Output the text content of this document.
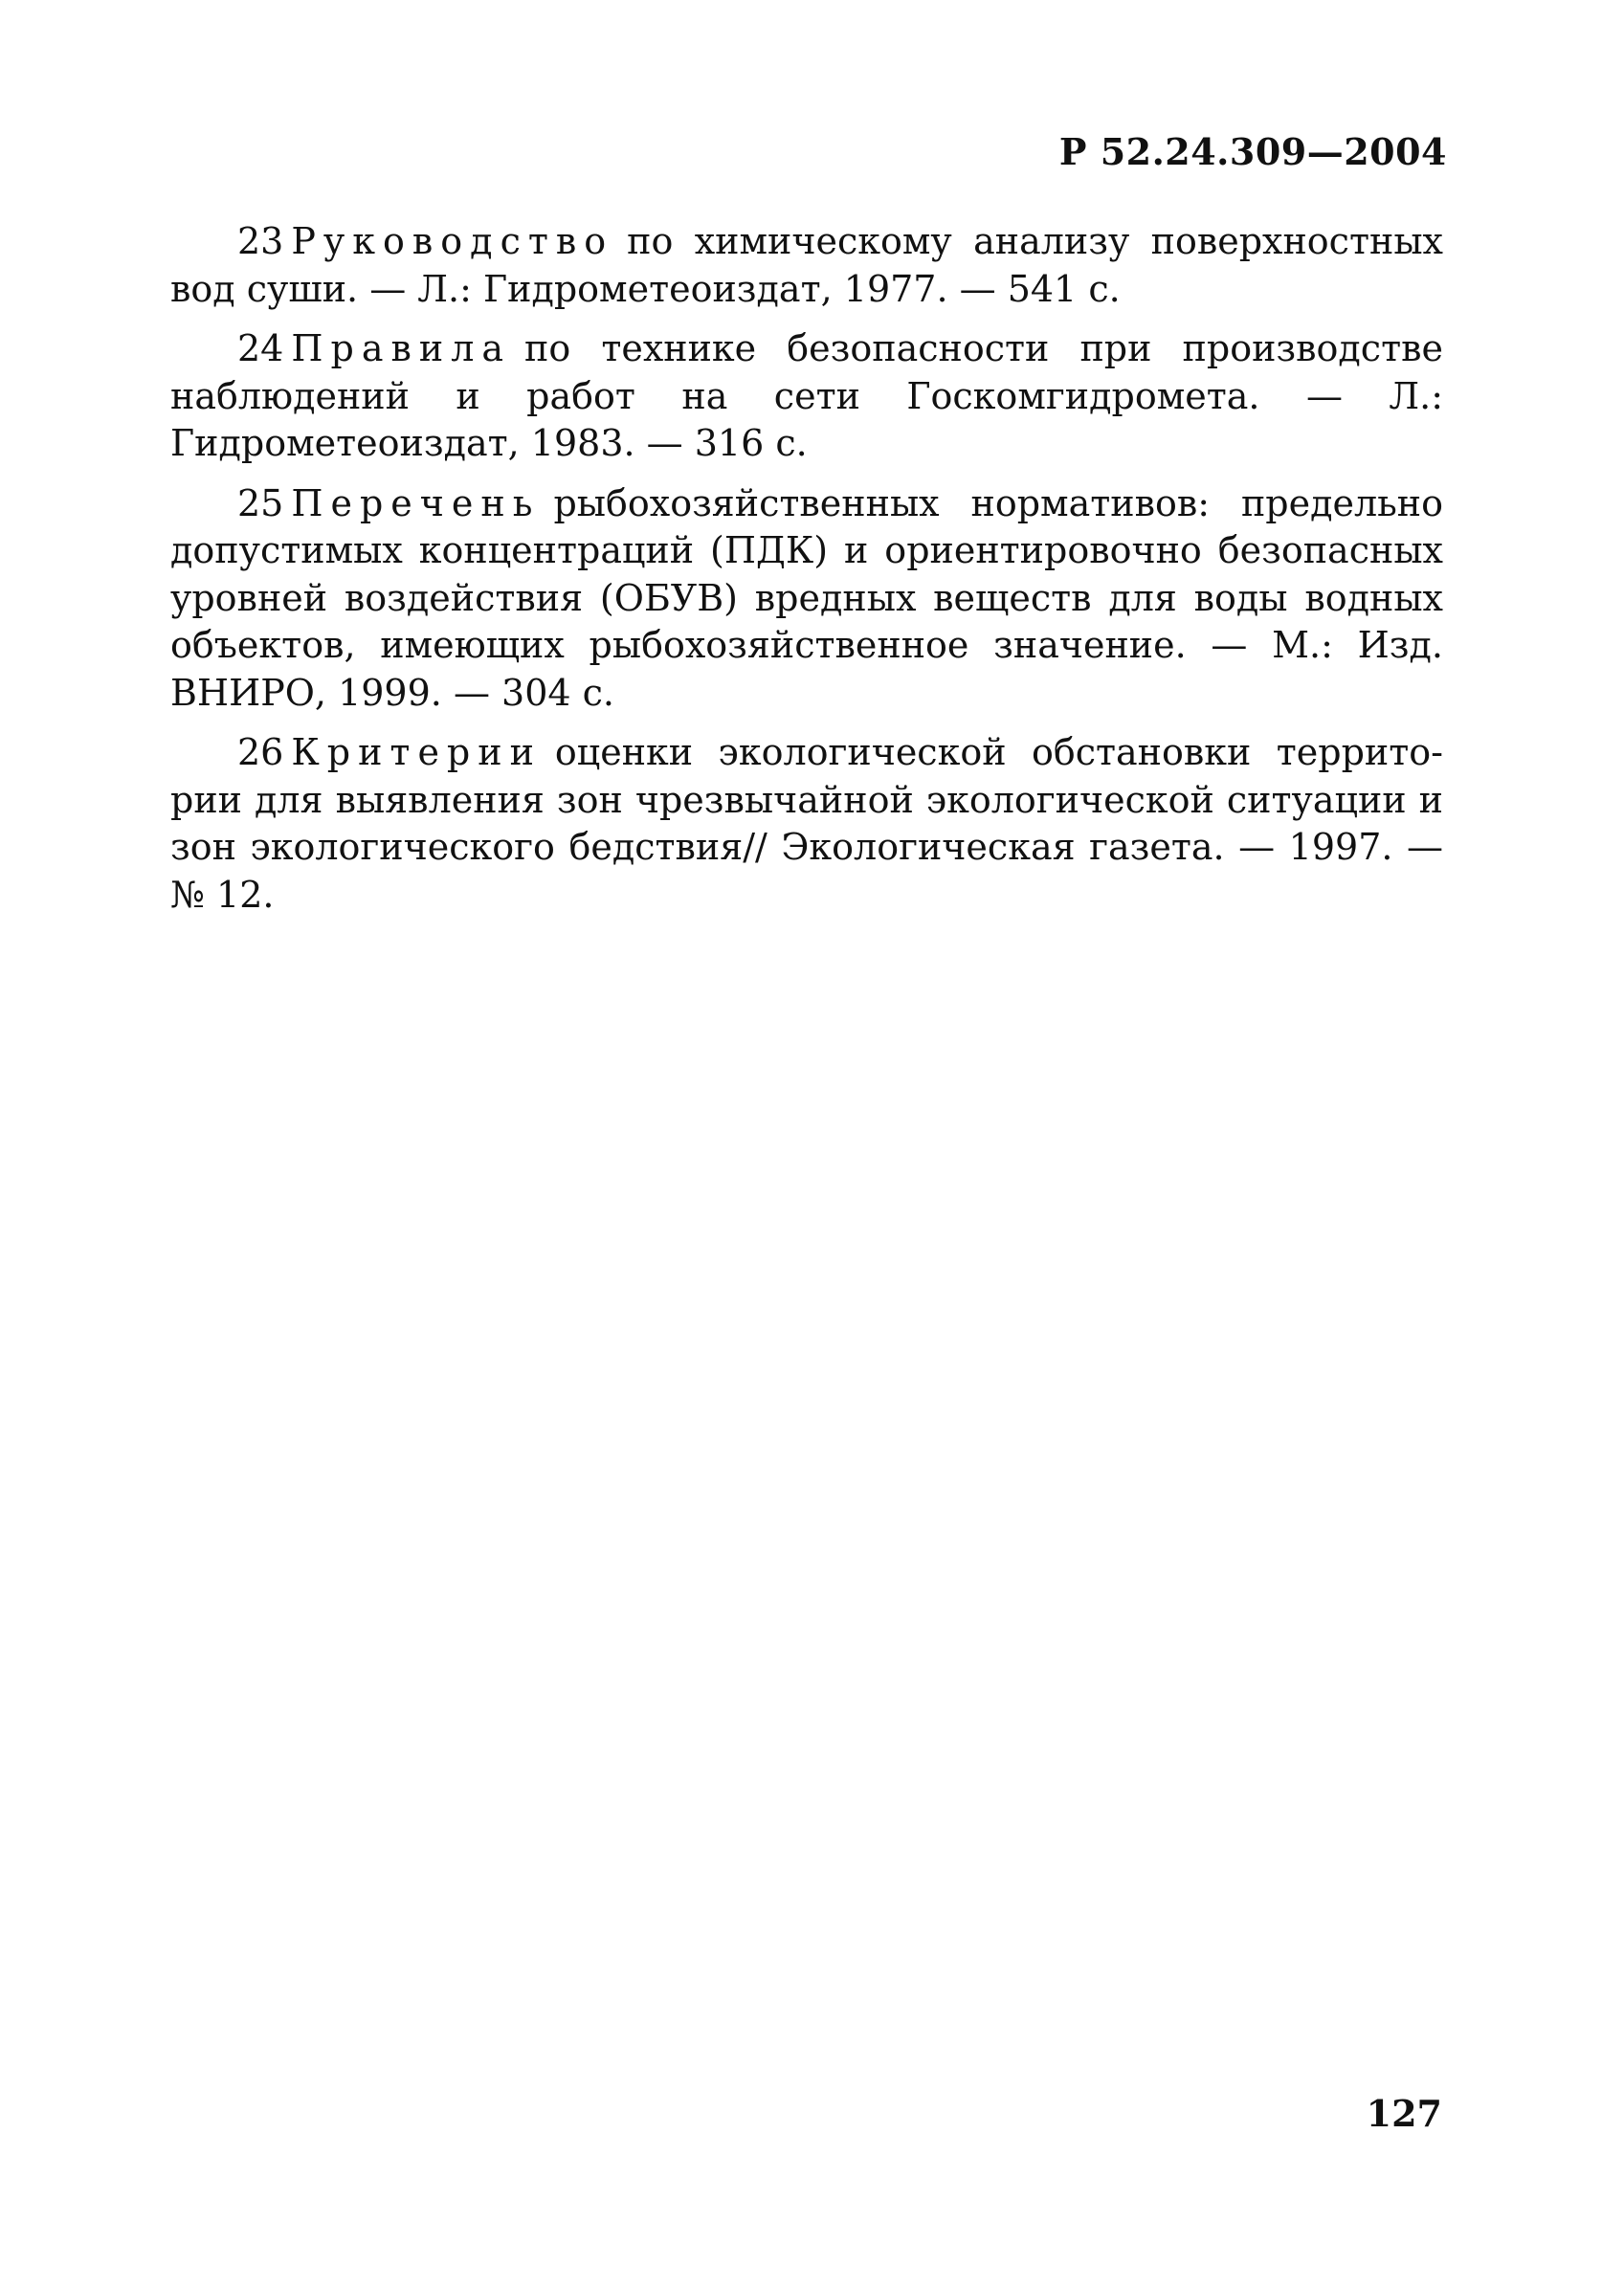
Р 52.24.309—2004

23 Руководство по химическому анализу поверхностных вод суши. — Л.: Гидрометеоиздат, 1977. — 541 с.

24 Правила по технике безопасности при производстве наблюдений и работ на сети Госкомгидромета. — Л.: Гидрометеоиздат, 1983. — 316 с.

25 Перечень рыбохозяйственных нормативов: предельно допустимых концентраций (ПДК) и ориентировочно безопасных уровней воздействия (ОБУВ) вредных веществ для воды водных объектов, имеющих рыбохозяйственное значение. — М.: Изд. ВНИРО, 1999. — 304 с.

26 Критерии оценки экологической обстановки территории для выявления зон чрезвычайной экологической ситуации и зон экологического бедствия// Экологическая газета. — 1997. — № 12.

127
